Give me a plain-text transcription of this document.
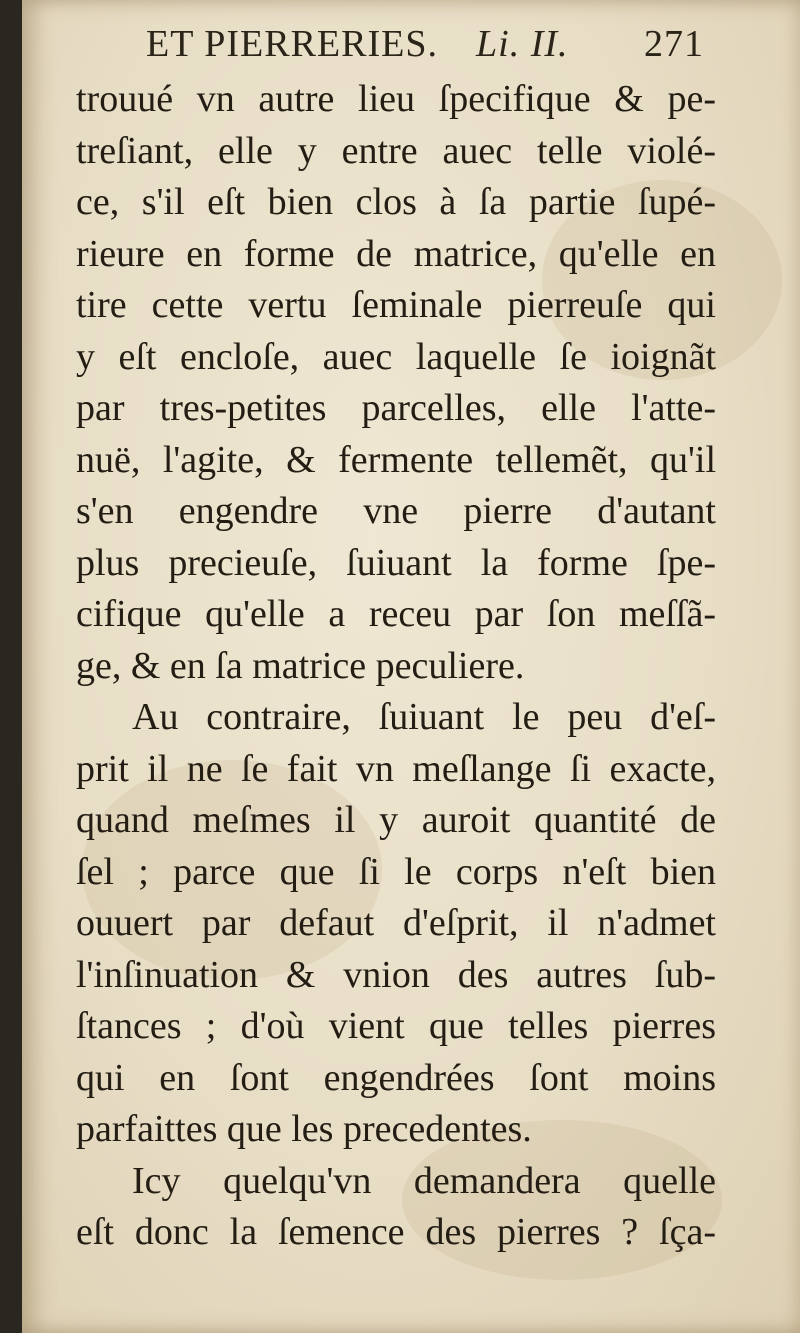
ET PIERRERIES. Li. II. 271
trouué vn autre lieu ſpecifique & pe-
treſiant, elle y entre auec telle violé-
ce, s'il eſt bien clos à ſa partie ſupé-
rieure en forme de matrice, qu'elle en
tire cette vertu ſeminale pierreuſe qui
y eſt encloſe, auec laquelle ſe ioignãt
par tres-petites parcelles, elle l'atte-
nuë, l'agite, & fermente tellemẽt, qu'il
s'en engendre vne pierre d'autant
plus precieuſe, ſuiuant la forme ſpe-
cifique qu'elle a receu par ſon meſſã-
ge, & en ſa matrice peculiere.
Au contraire, ſuiuant le peu d'eſ-
prit il ne ſe fait vn meſlange ſi exacte,
quand meſmes il y auroit quantité de
ſel ; parce que ſi le corps n'eſt bien
ouuert par defaut d'eſprit, il n'admet
l'inſinuation & vnion des autres ſub-
ſtances ; d'où vient que telles pierres
qui en ſont engendrées ſont moins
parfaittes que les precedentes.
Icy quelqu'vn demandera quelle
eſt donc la ſemence des pierres ? ſça-
